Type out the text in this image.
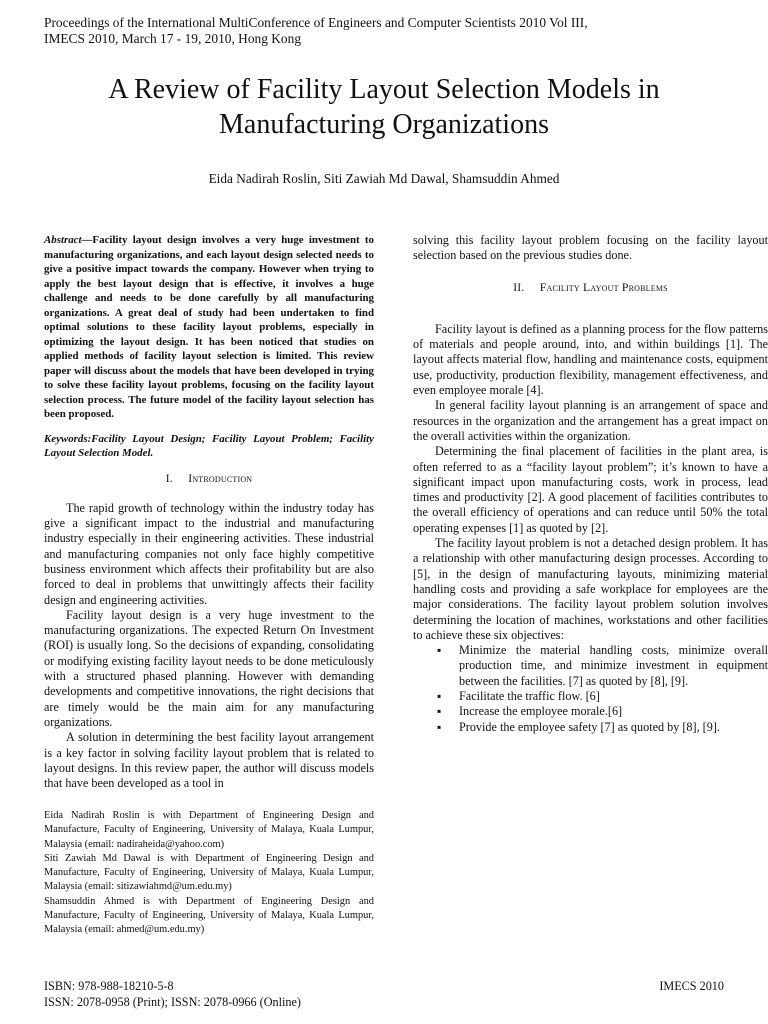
Proceedings of the International MultiConference of Engineers and Computer Scientists 2010 Vol III,
IMECS 2010, March 17 - 19, 2010, Hong Kong
A Review of Facility Layout Selection Models in
Manufacturing Organizations
Eida Nadirah Roslin, Siti Zawiah Md Dawal, Shamsuddin Ahmed

Abstract—Facility layout design involves a very huge investment to manufacturing organizations, and each layout design selected needs to give a positive impact towards the company. However when trying to apply the best layout design that is effective, it involves a huge challenge and needs to be done carefully by all manufacturing organizations. A great deal of study had been undertaken to find optimal solutions to these facility layout problems, especially in optimizing the layout design. It has been noticed that studies on applied methods of facility layout selection is limited. This review paper will discuss about the models that have been developed in trying to solve these facility layout problems, focusing on the facility layout selection process. The future model of the facility layout selection has been proposed.

Keywords:Facility Layout Design; Facility Layout Problem; Facility Layout Selection Model.

I. Introduction

The rapid growth of technology within the industry today has give a significant impact to the industrial and manufacturing industry especially in their engineering activities. These industrial and manufacturing companies not only face highly competitive business environment which affects their profitability but are also forced to deal in problems that unwittingly affects their facility design and engineering activities.

Facility layout design is a very huge investment to the manufacturing organizations. The expected Return On Investment (ROI) is usually long. So the decisions of expanding, consolidating or modifying existing facility layout needs to be done meticulously with a structured phased planning. However with demanding developments and competitive innovations, the right decisions that are timely would be the main aim for any manufacturing organizations.

A solution in determining the best facility layout arrangement is a key factor in solving facility layout problem that is related to layout designs. In this review paper, the author will discuss models that have been developed as a tool in

solving this facility layout problem focusing on the facility layout selection based on the previous studies done.

II. Facility Layout Problems

Facility layout is defined as a planning process for the flow patterns of materials and people around, into, and within buildings [1]. The layout affects material flow, handling and maintenance costs, equipment use, productivity, production flexibility, management effectiveness, and even employee morale [4].

In general facility layout planning is an arrangement of space and resources in the organization and the arrangement has a great impact on the overall activities within the organization.

Determining the final placement of facilities in the plant area, is often referred to as a “facility layout problem”; it’s known to have a significant impact upon manufacturing costs, work in process, lead times and productivity [2]. A good placement of facilities contributes to the overall efficiency of operations and can reduce until 50% the total operating expenses [1] as quoted by [2].

The facility layout problem is not a detached design problem. It has a relationship with other manufacturing design processes. According to [5], in the design of manufacturing layouts, minimizing material handling costs and providing a safe workplace for employees are the major considerations. The facility layout problem solution involves determining the location of machines, workstations and other facilities to achieve these six objectives:

▪ Minimize the material handling costs, minimize overall production time, and minimize investment in equipment between the facilities. [7] as quoted by [8], [9].
▪ Facilitate the traffic flow. [6]
▪ Increase the employee morale.[6]
▪ Provide the employee safety [7] as quoted by [8], [9].

Eida Nadirah Roslin is with Department of Engineering Design and Manufacture, Faculty of Engineering, University of Malaya, Kuala Lumpur, Malaysia (email: nadiraheida@yahoo.com)

Siti Zawiah Md Dawal is with Department of Engineering Design and Manufacture, Faculty of Engineering, University of Malaya, Kuala Lumpur, Malaysia (email: sitizawiahmd@um.edu.my)

Shamsuddin Ahmed is with Department of Engineering Design and Manufacture, Faculty of Engineering, University of Malaya, Kuala Lumpur, Malaysia (email: ahmed@um.edu.my)

ISBN: 978-988-18210-5-8
ISSN: 2078-0958 (Print); ISSN: 2078-0966 (Online)
IMECS 2010
